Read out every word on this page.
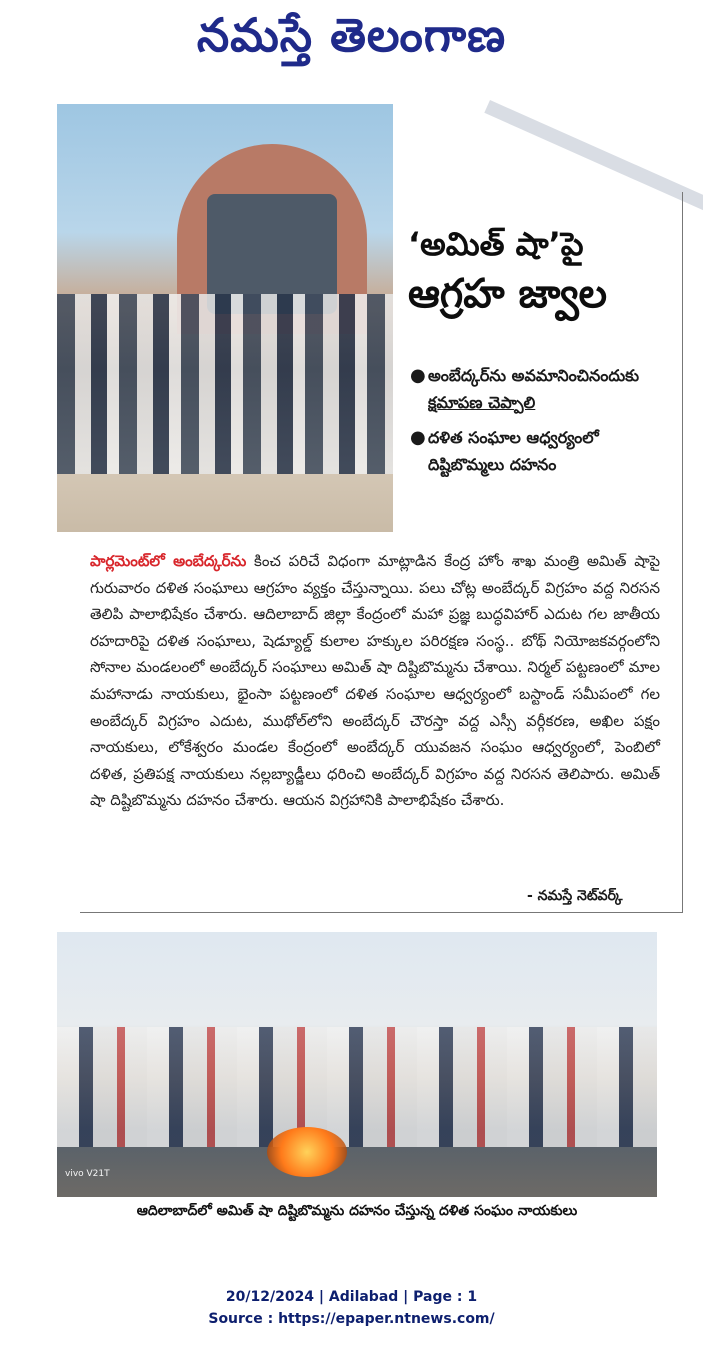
నమస్తే తెలంగాణ
‘అమిత్ షా’పై
ఆగ్రహ జ్వాల
● అంబేద్కర్‌ను అవమానించినందుకు క్షమాపణ చెప్పాలి
● దళిత సంఘాల ఆధ్వర్యంలో దిష్టిబొమ్మలు దహనం
పార్లమెంట్‌లో అంబేద్కర్‌ను కించ పరిచే విధంగా మాట్లాడిన కేంద్ర హోం శాఖ మంత్రి అమిత్ షాపై గురువారం దళిత సంఘాలు ఆగ్రహం వ్యక్తం చేస్తున్నాయి. పలు చోట్ల అంబేద్కర్ విగ్రహం వద్ద నిరసన తెలిపి పాలాభిషేకం చేశారు. ఆదిలాబాద్ జిల్లా కేంద్రంలో మహా ప్రజ్ఞ బుద్ధవిహార్ ఎదుట గల జాతీయ రహదారిపై దళిత సంఘాలు, షెడ్యూల్డ్ కులాల హక్కుల పరిరక్షణ సంస్థ.. బోథ్ నియోజకవర్గంలోని సోనాల మండలంలో అంబేద్కర్ సంఘాలు అమిత్ షా దిష్టిబొమ్మను చేశాయి. నిర్మల్ పట్టణంలో మాల మహానాడు నాయకులు, భైంసా పట్టణంలో దళిత సంఘాల ఆధ్వర్యంలో బస్టాండ్ సమీపంలో గల అంబేద్కర్ విగ్రహం ఎదుట, ముథోల్‌లోని అంబేద్కర్ చౌరస్తా వద్ద ఎస్సీ వర్గీకరణ, అఖిల పక్షం నాయకులు, లోకేశ్వరం మండల కేంద్రంలో అంబేద్కర్ యువజన సంఘం ఆధ్వర్యంలో, పెంబిలో దళిత, ప్రతిపక్ష నాయకులు నల్లబ్యాడ్జీలు ధరించి అంబేద్కర్ విగ్రహం వద్ద నిరసన తెలిపారు. అమిత్ షా దిష్టిబొమ్మను దహనం చేశారు. ఆయన విగ్రహానికి పాలాభిషేకం చేశారు.
- నమస్తే నెట్‌వర్క్
vivo V21T
ఆదిలాబాద్‌లో అమిత్ షా దిష్టిబొమ్మను దహనం చేస్తున్న దళిత సంఘం నాయకులు
20/12/2024 | Adilabad | Page : 1
Source : https://epaper.ntnews.com/
